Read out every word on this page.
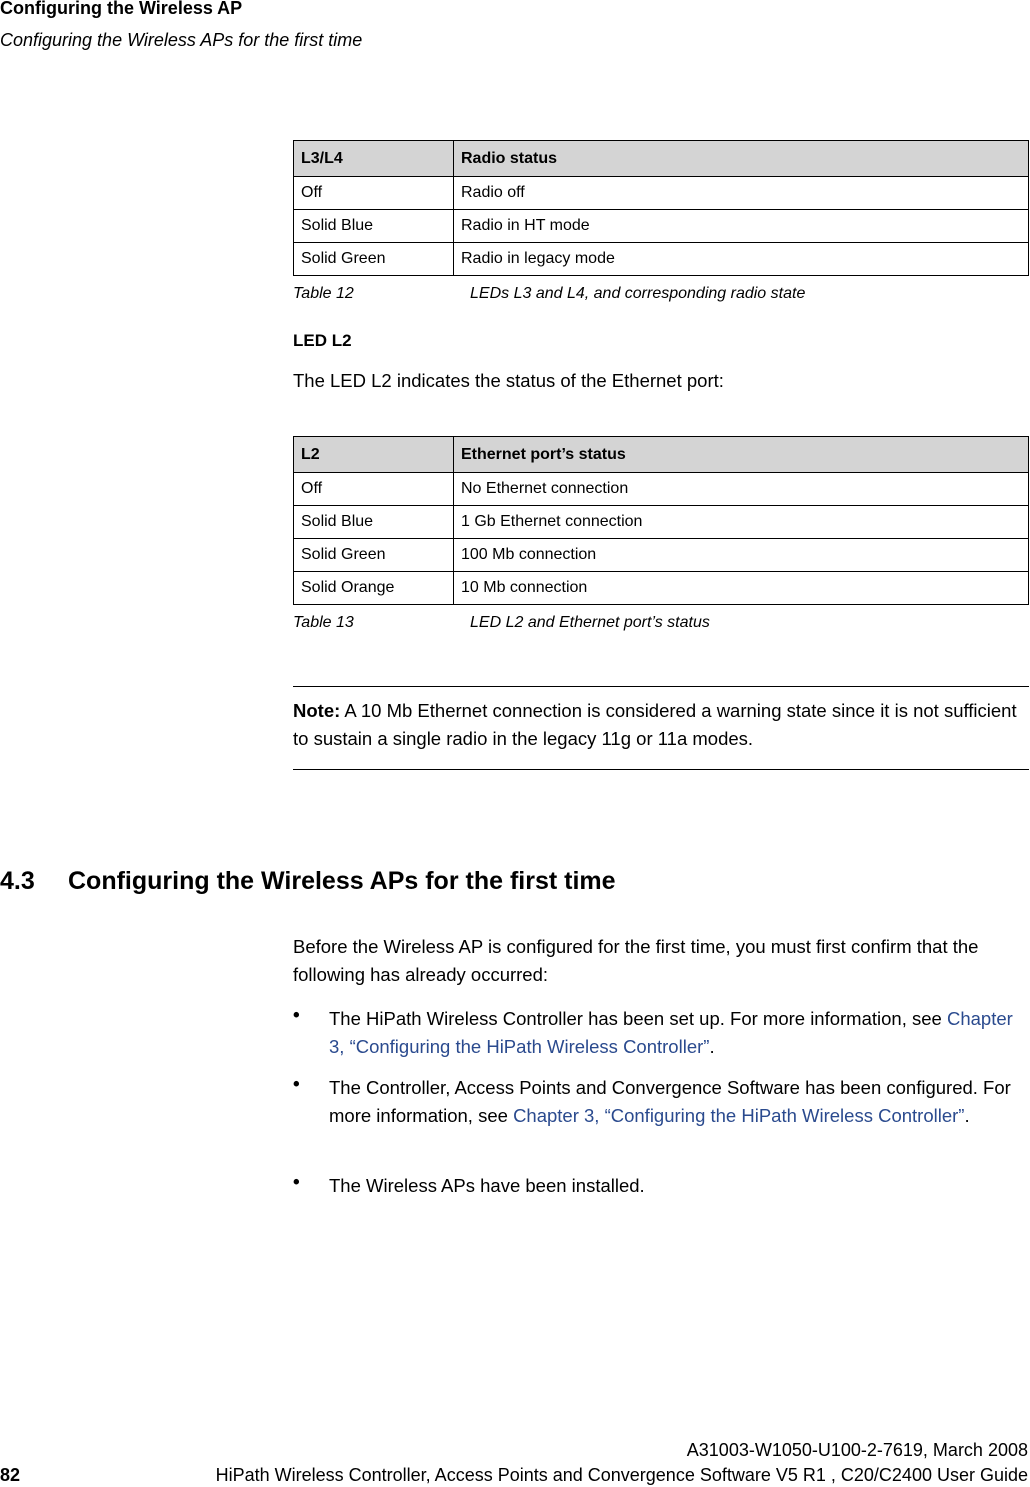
Configuring the Wireless AP
Configuring the Wireless APs for the first time
L3/L4	Radio status
Off	Radio off
Solid Blue	Radio in HT mode
Solid Green	Radio in legacy mode
Table 12	LEDs L3 and L4, and corresponding radio state
LED L2
The LED L2 indicates the status of the Ethernet port:
L2	Ethernet port’s status
Off	No Ethernet connection
Solid Blue	1 Gb Ethernet connection
Solid Green	100 Mb connection
Solid Orange	10 Mb connection
Table 13	LED L2 and Ethernet port’s status
Note: A 10 Mb Ethernet connection is considered a warning state since it is not sufficient to sustain a single radio in the legacy 11g or 11a modes.
4.3 Configuring the Wireless APs for the first time
Before the Wireless AP is configured for the first time, you must first confirm that the following has already occurred:
• The HiPath Wireless Controller has been set up. For more information, see Chapter 3, “Configuring the HiPath Wireless Controller”.
• The Controller, Access Points and Convergence Software has been configured. For more information, see Chapter 3, “Configuring the HiPath Wireless Controller”.
• The Wireless APs have been installed.
A31003-W1050-U100-2-7619, March 2008
82	HiPath Wireless Controller, Access Points and Convergence Software V5 R1 , C20/C2400 User Guide
